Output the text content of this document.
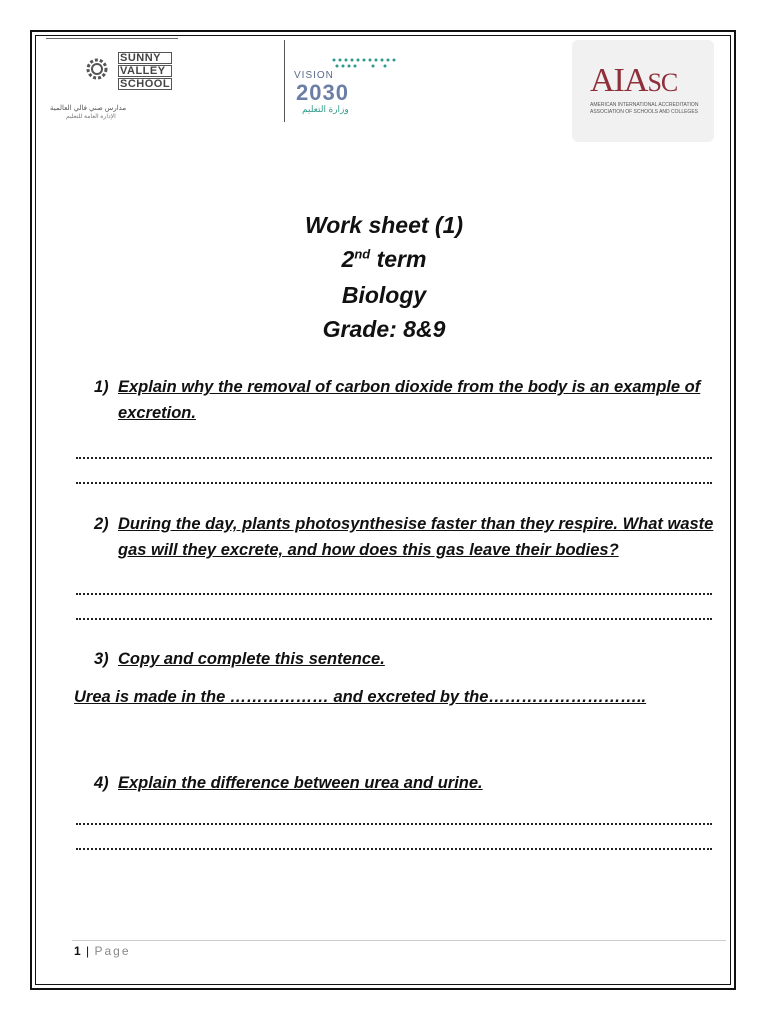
SUNNY
VALLEY
SCHOOL
مدارس صني فالي العالمية
الإدارة العامة للتعليم
VISION
2030
وزارة التعليم
AIASC
AMERICAN INTERNATIONAL ACCREDITATION
ASSOCIATION OF SCHOOLS AND COLLEGES
Work sheet (1)
2nd term
Biology
Grade: 8&9
1) Explain why the removal of carbon dioxide from the body is an example of excretion.
2) During the day, plants photosynthesise faster than they respire. What waste gas will they excrete, and how does this gas leave their bodies?
3) Copy and complete this sentence.
Urea is made in the ……………… and excreted by the………………………..
4) Explain the difference between urea and urine.
1 | Page
